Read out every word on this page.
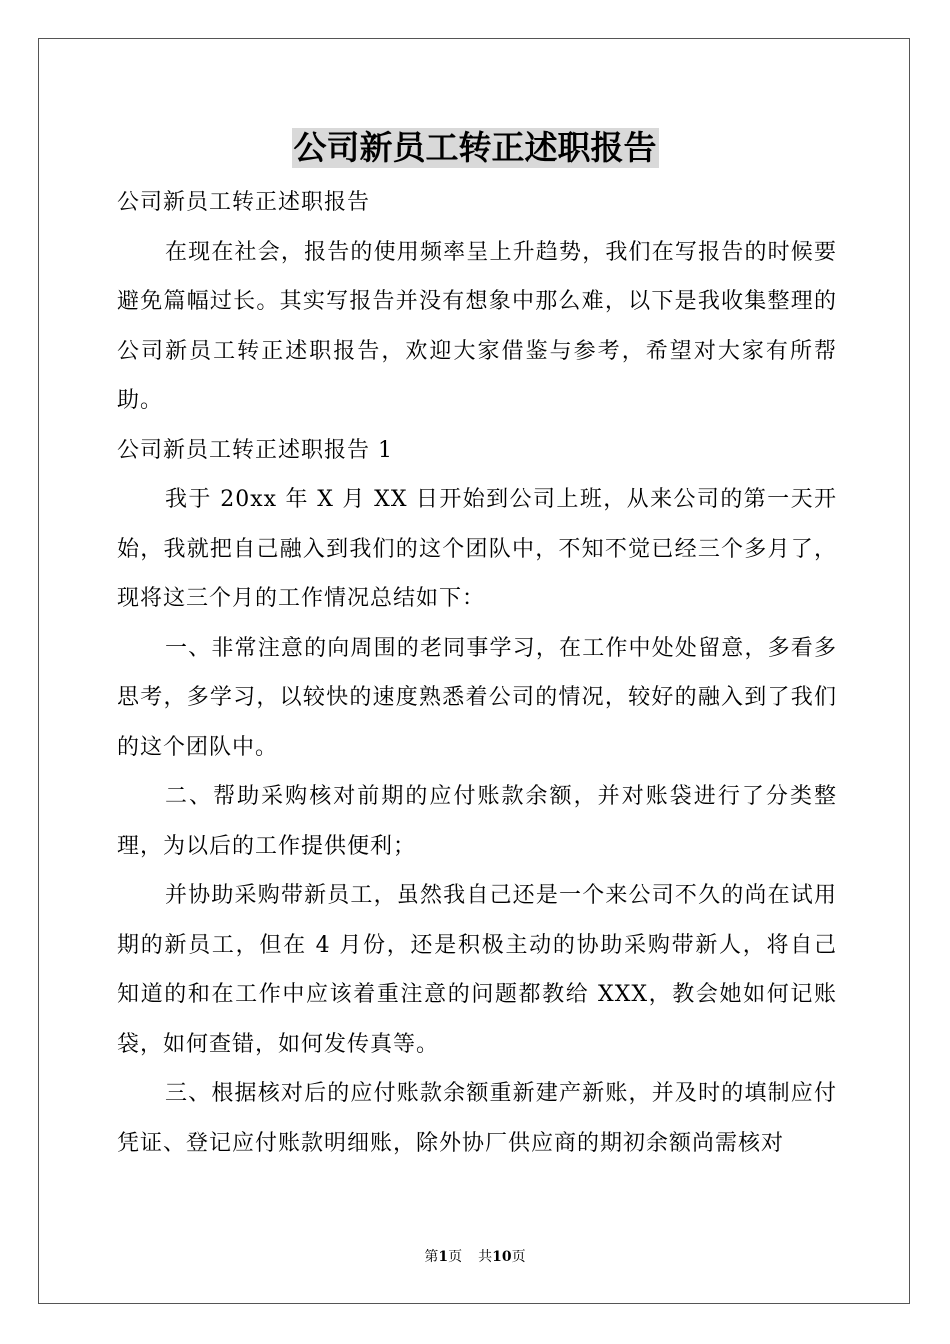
公司新员工转正述职报告

公司新员工转正述职报告

在现在社会，报告的使用频率呈上升趋势，我们在写报告的时候要避免篇幅过长。其实写报告并没有想象中那么难，以下是我收集整理的公司新员工转正述职报告，欢迎大家借鉴与参考，希望对大家有所帮助。

公司新员工转正述职报告 1

我于 20xx 年 X 月 XX 日开始到公司上班，从来公司的第一天开始，我就把自己融入到我们的这个团队中，不知不觉已经三个多月了，现将这三个月的工作情况总结如下：

一、非常注意的向周围的老同事学习，在工作中处处留意，多看多思考，多学习，以较快的速度熟悉着公司的情况，较好的融入到了我们的这个团队中。

二、帮助采购核对前期的应付账款余额，并对账袋进行了分类整理，为以后的工作提供便利；

并协助采购带新员工，虽然我自己还是一个来公司不久的尚在试用期的新员工，但在 4 月份，还是积极主动的协助采购带新人，将自己知道的和在工作中应该着重注意的问题都教给 XXX，教会她如何记账袋，如何查错，如何发传真等。

三、根据核对后的应付账款余额重新建产新账，并及时的填制应付凭证、登记应付账款明细账，除外协厂供应商的期初余额尚需核对

第1页 共10页
